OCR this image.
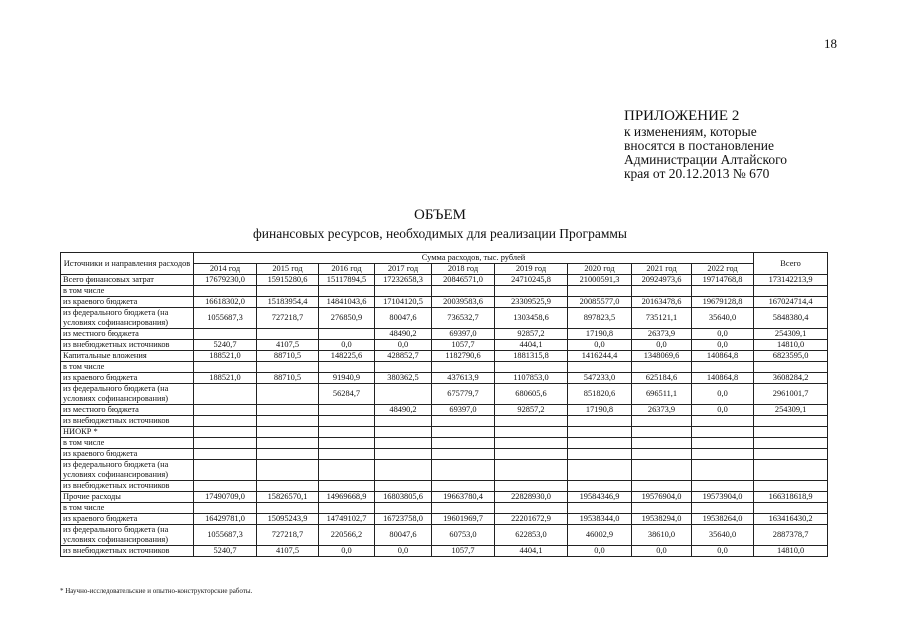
18
ПРИЛОЖЕНИЕ 2
к изменениям, которые
вносятся в постановление
Администрации Алтайского
края от 20.12.2013 № 670
ОБЪЕМ
финансовых ресурсов, необходимых для реализации Программы
Источники и направления расходов	Сумма расходов, тыс. рублей									Всего
	2014 год	2015 год	2016 год	2017 год	2018 год	2019 год	2020 год	2021 год	2022 год	
Всего финансовых затрат	17679230,0	15915280,6	15117894,5	17232658,3	20846571,0	24710245,8	21000591,3	20924973,6	19714768,8	173142213,9
в том числе										
из краевого бюджета	16618302,0	15183954,4	14841043,6	17104120,5	20039583,6	23309525,9	20085577,0	20163478,6	19679128,8	167024714,4
из федерального бюджета (на условиях софинансирования)	1055687,3	727218,7	276850,9	80047,6	736532,7	1303458,6	897823,5	735121,1	35640,0	5848380,4
из местного бюджета				48490,2	69397,0	92857,2	17190,8	26373,9	0,0	254309,1
из внебюджетных источников	5240,7	4107,5	0,0	0,0	1057,7	4404,1	0,0	0,0	0,0	14810,0
Капитальные вложения	188521,0	88710,5	148225,6	428852,7	1182790,6	1881315,8	1416244,4	1348069,6	140864,8	6823595,0
в том числе										
из краевого бюджета	188521,0	88710,5	91940,9	380362,5	437613,9	1107853,0	547233,0	625184,6	140864,8	3608284,2
из федерального бюджета (на условиях софинансирования)			56284,7		675779,7	680605,6	851820,6	696511,1	0,0	2961001,7
из местного бюджета				48490,2	69397,0	92857,2	17190,8	26373,9	0,0	254309,1
из внебюджетных источников										
НИОКР *										
в том числе										
из краевого бюджета										
из федерального бюджета (на условиях софинансирования)										
из внебюджетных источников										
Прочие расходы	17490709,0	15826570,1	14969668,9	16803805,6	19663780,4	22828930,0	19584346,9	19576904,0	19573904,0	166318618,9
в том числе										
из краевого бюджета	16429781,0	15095243,9	14749102,7	16723758,0	19601969,7	22201672,9	19538344,0	19538294,0	19538264,0	163416430,2
из федерального бюджета (на условиях софинансирования)	1055687,3	727218,7	220566,2	80047,6	60753,0	622853,0	46002,9	38610,0	35640,0	2887378,7
из внебюджетных источников	5240,7	4107,5	0,0	0,0	1057,7	4404,1	0,0	0,0	0,0	14810,0
* Научно-исследовательские и опытно-конструкторские работы.
